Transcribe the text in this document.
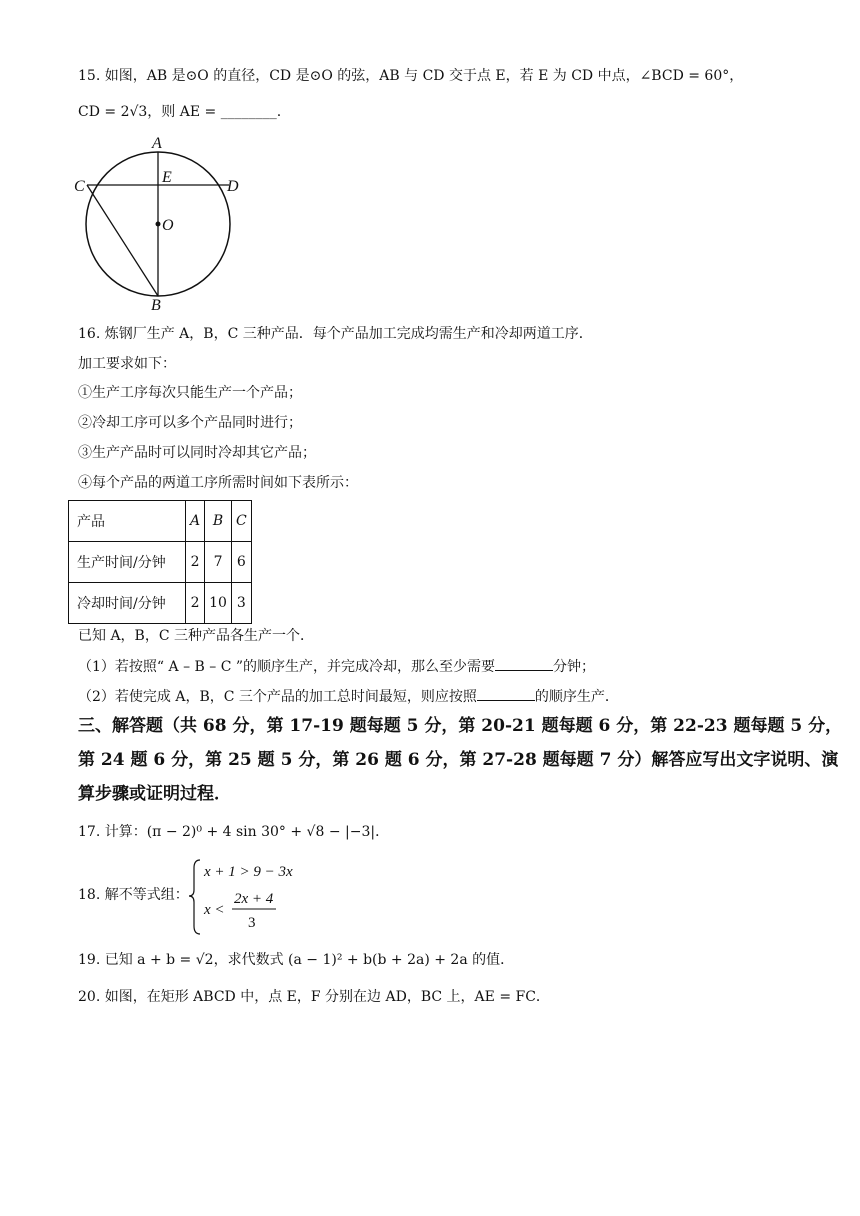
15. 如图，AB 是⊙O 的直径，CD 是⊙O 的弦，AB 与 CD 交于点 E，若 E 为 CD 中点，∠BCD = 60°，
CD = 2√3，则 AE = ________.
A
C
E
D
O
B
16. 炼钢厂生产 A，B，C 三种产品．每个产品加工完成均需生产和冷却两道工序．
加工要求如下：
①生产工序每次只能生产一个产品；
②冷却工序可以多个产品同时进行；
③生产产品时可以同时冷却其它产品；
④每个产品的两道工序所需时间如下表所示：
产品	A	B	C
生产时间/分钟	2	7	6
冷却时间/分钟	2	10	3
已知 A，B，C 三种产品各生产一个．
（1）若按照“ A – B – C ”的顺序生产，并完成冷却，那么至少需要	分钟；
（2）若使完成 A，B，C 三个产品的加工总时间最短，则应按照	的顺序生产．
三、解答题（共 68 分，第 17-19 题每题 5 分，第 20-21 题每题 6 分，第 22-23 题每题 5 分，
第 24 题 6 分，第 25 题 5 分，第 26 题 6 分，第 27-28 题每题 7 分）解答应写出文字说明、演
算步骤或证明过程．
17. 计算：(π − 2)⁰ + 4 sin 30° + √8 − |−3|．
18. 解不等式组：
x + 1 > 9 − 3x
x <
2x + 4
3
19. 已知 a + b = √2，求代数式 (a − 1)² + b(b + 2a) + 2a 的值．
20. 如图，在矩形 ABCD 中，点 E，F 分别在边 AD，BC 上，AE = FC．
